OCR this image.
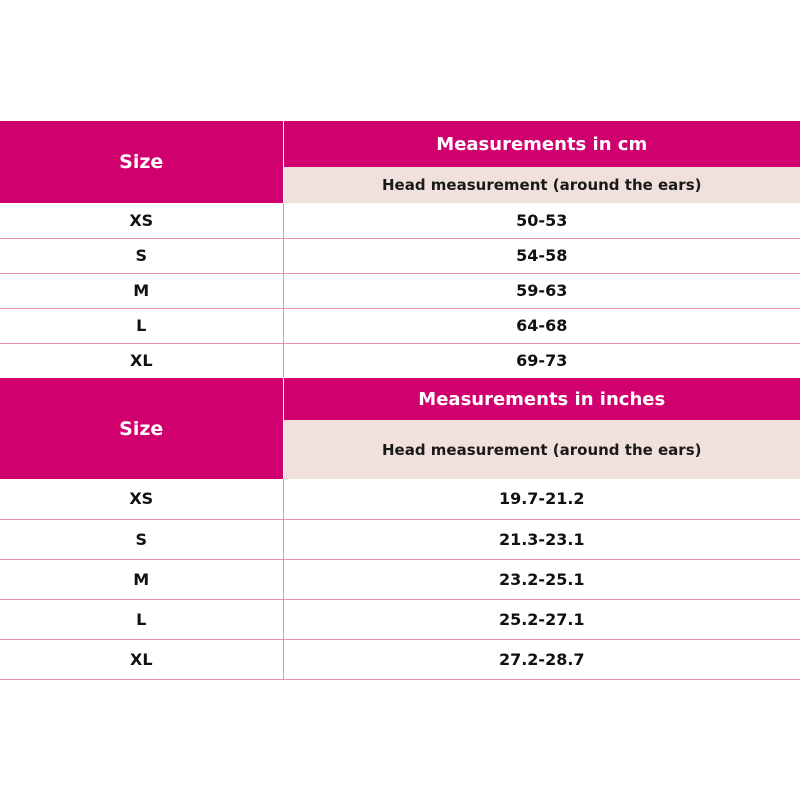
Size	Measurements in cm
	Head measurement (around the ears)
XS	50-53
S	54-58
M	59-63
L	64-68
XL	69-73
Size	Measurements in inches
	Head measurement (around the ears)
XS	19.7-21.2
S	21.3-23.1
M	23.2-25.1
L	25.2-27.1
XL	27.2-28.7
